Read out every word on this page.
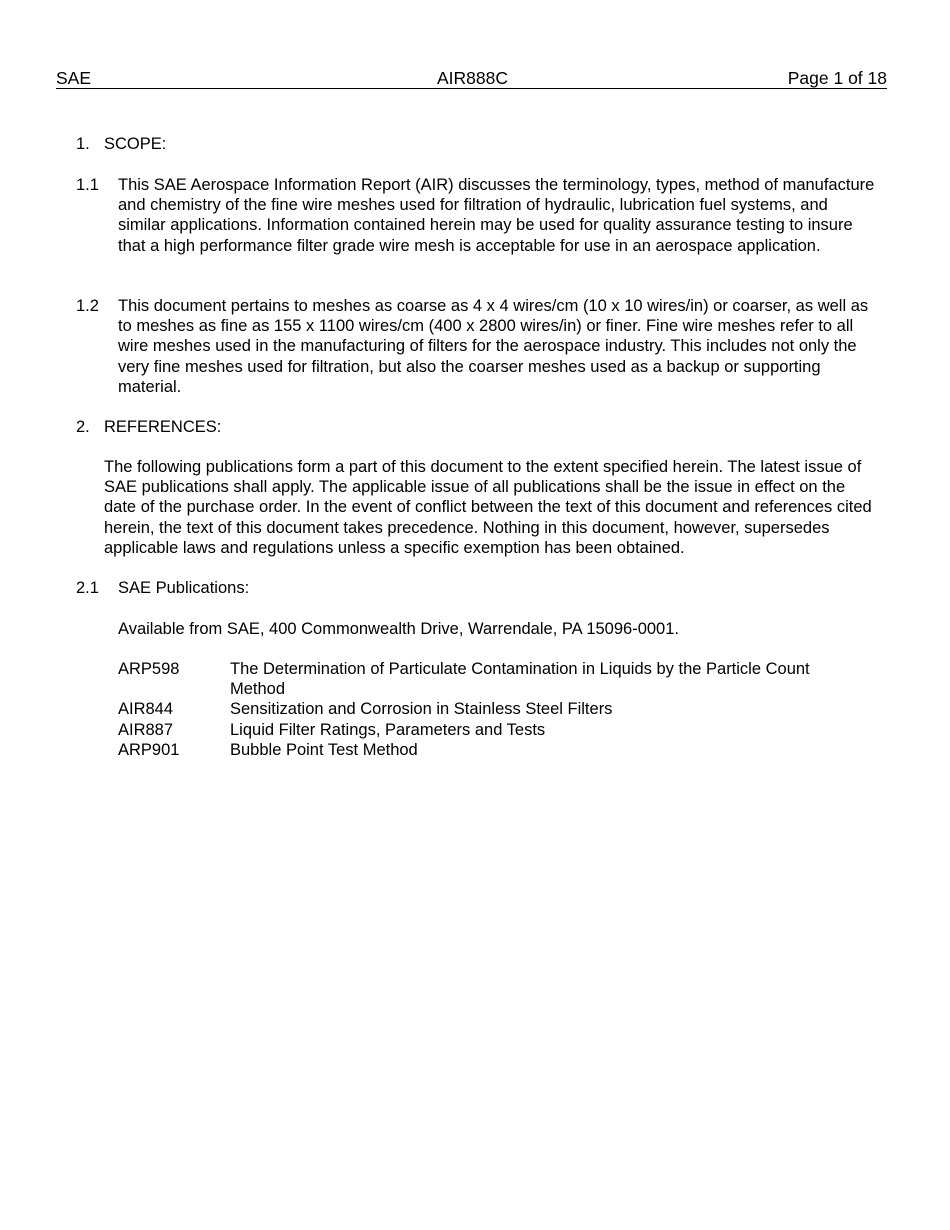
SAE	AIR888C	Page 1 of 18
1. SCOPE:
1.1 This SAE Aerospace Information Report (AIR) discusses the terminology, types, method of manufacture and chemistry of the fine wire meshes used for filtration of hydraulic, lubrication fuel systems, and similar applications. Information contained herein may be used for quality assurance testing to insure that a high performance filter grade wire mesh is acceptable for use in an aerospace application.
1.2 This document pertains to meshes as coarse as 4 x 4 wires/cm (10 x 10 wires/in) or coarser, as well as to meshes as fine as 155 x 1100 wires/cm (400 x 2800 wires/in) or finer. Fine wire meshes refer to all wire meshes used in the manufacturing of filters for the aerospace industry. This includes not only the very fine meshes used for filtration, but also the coarser meshes used as a backup or supporting material.
2. REFERENCES:
The following publications form a part of this document to the extent specified herein. The latest issue of SAE publications shall apply. The applicable issue of all publications shall be the issue in effect on the date of the purchase order. In the event of conflict between the text of this document and references cited herein, the text of this document takes precedence. Nothing in this document, however, supersedes applicable laws and regulations unless a specific exemption has been obtained.
2.1 SAE Publications:
Available from SAE, 400 Commonwealth Drive, Warrendale, PA 15096-0001.
ARP598	The Determination of Particulate Contamination in Liquids by the Particle Count Method
AIR844	Sensitization and Corrosion in Stainless Steel Filters
AIR887	Liquid Filter Ratings, Parameters and Tests
ARP901	Bubble Point Test Method
